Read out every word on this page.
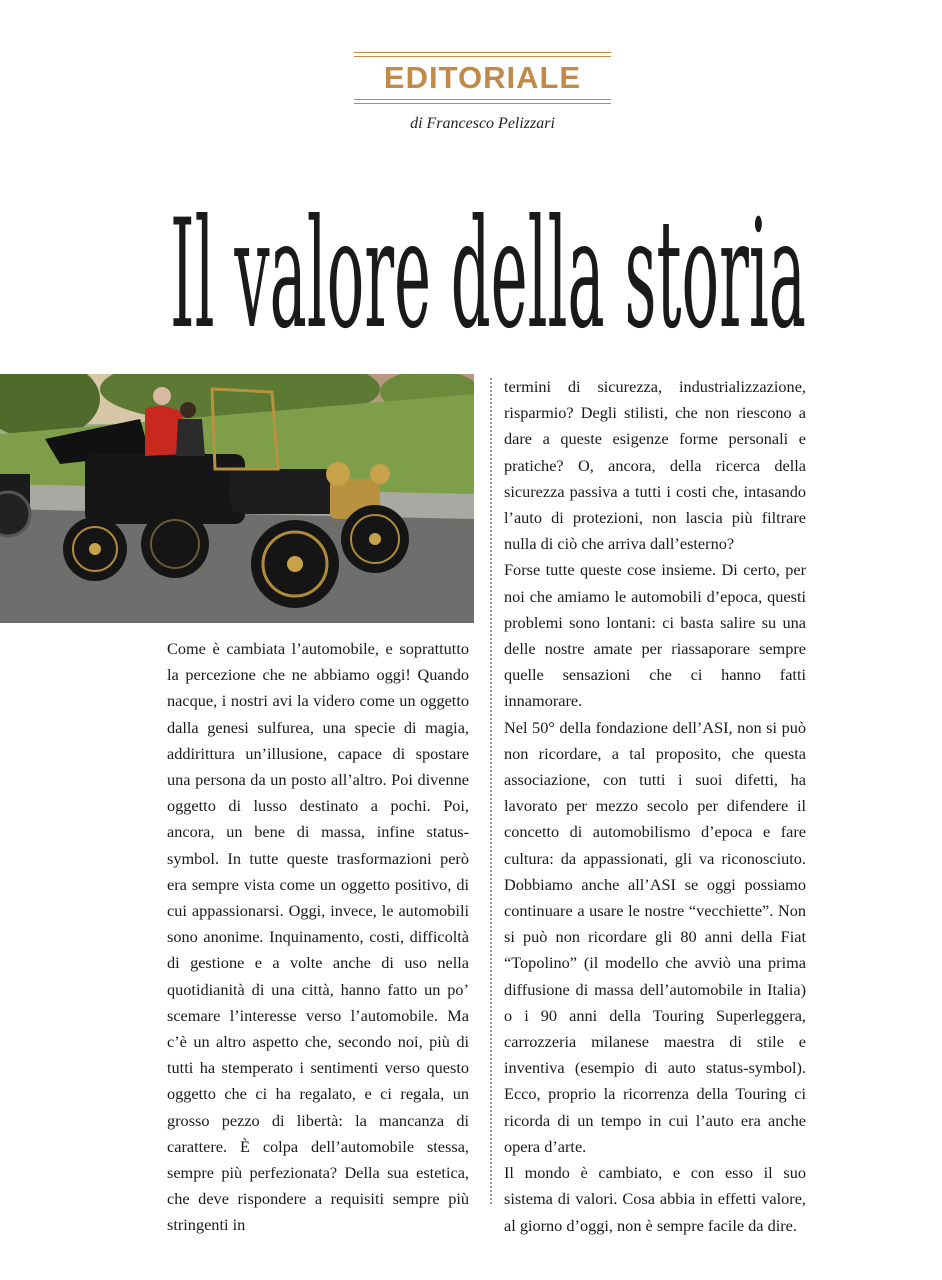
EDITORIALE
di Francesco Pelizzari
Il valore della storia

Come è cambiata l’automobile, e soprattutto la percezione che ne abbiamo oggi! Quando nacque, i nostri avi la videro come un oggetto dalla genesi sulfurea, una specie di magia, addirittura un’illusione, capace di spostare una persona da un posto all’altro. Poi divenne oggetto di lusso destinato a pochi. Poi, ancora, un bene di massa, infine status-symbol. In tutte queste trasformazioni però era sempre vista come un oggetto positivo, di cui appassionarsi. Oggi, invece, le automobili sono anonime. Inquinamento, costi, difficoltà di gestione e a volte anche di uso nella quotidianità di una città, hanno fatto un po’ scemare l’interesse verso l’automobile. Ma c’è un altro aspetto che, secondo noi, più di tutti ha stemperato i sentimenti verso questo oggetto che ci ha regalato, e ci regala, un grosso pezzo di libertà: la mancanza di carattere. È colpa dell’automobile stessa, sempre più perfezionata? Della sua estetica, che deve rispondere a requisiti sempre più stringenti in

termini di sicurezza, industrializzazione, risparmio? Degli stilisti, che non riescono a dare a queste esigenze forme personali e pratiche? O, ancora, della ricerca della sicurezza passiva a tutti i costi che, intasando l’auto di protezioni, non lascia più filtrare nulla di ciò che arriva dall’esterno?

Forse tutte queste cose insieme. Di certo, per noi che amiamo le automobili d’epoca, questi problemi sono lontani: ci basta salire su una delle nostre amate per riassaporare sempre quelle sensazioni che ci hanno fatti innamorare.

Nel 50° della fondazione dell’ASI, non si può non ricordare, a tal proposito, che questa associazione, con tutti i suoi difetti, ha lavorato per mezzo secolo per difendere il concetto di automobilismo d’epoca e fare cultura: da appassionati, gli va riconosciuto. Dobbiamo anche all’ASI se oggi possiamo continuare a usare le nostre “vecchiette”. Non si può non ricordare gli 80 anni della Fiat “Topolino” (il modello che avviò una prima diffusione di massa dell’automobile in Italia) o i 90 anni della Touring Superleggera, carrozzeria milanese maestra di stile e inventiva (esempio di auto status-symbol). Ecco, proprio la ricorrenza della Touring ci ricorda di un tempo in cui l’auto era anche opera d’arte.

Il mondo è cambiato, e con esso il suo sistema di valori. Cosa abbia in effetti valore, al giorno d’oggi, non è sempre facile da dire.
